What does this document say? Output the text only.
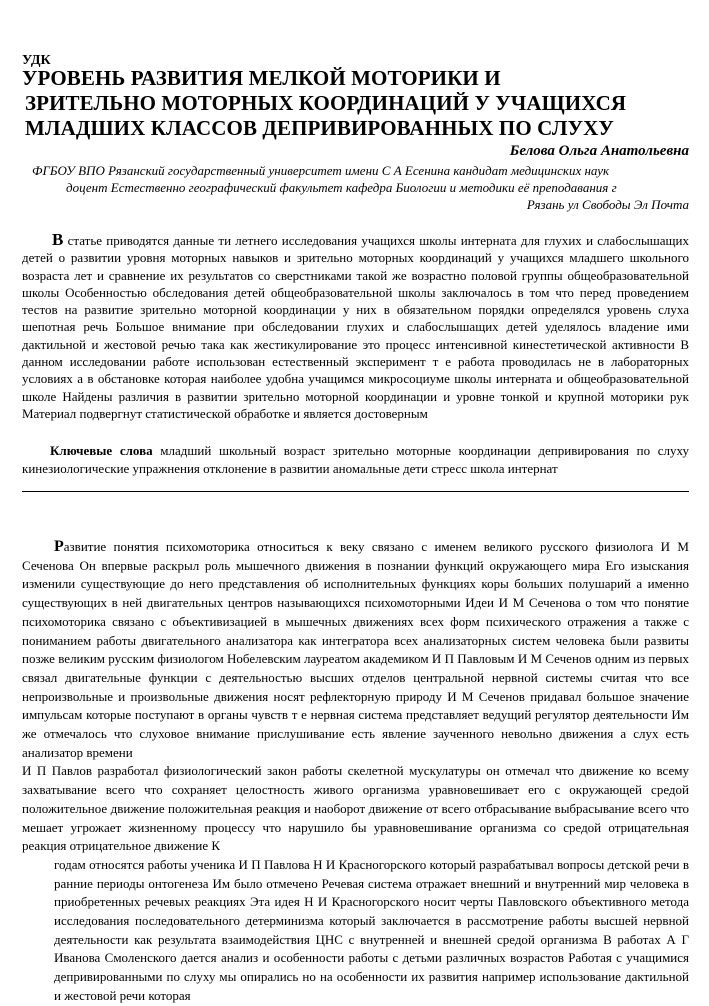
УДК
УРОВЕНЬ РАЗВИТИЯ МЕЛКОЙ МОТОРИКИ И
ЗРИТЕЛЬНО МОТОРНЫХ КООРДИНАЦИЙ У УЧАЩИХСЯ
МЛАДШИХ КЛАССОВ ДЕПРИВИРОВАННЫХ ПО СЛУХУ
Белова Ольга Анатольевна
ФГБОУ ВПО Рязанский государственный университет имени С А Есенина кандидат медицинских наук
доцент Естественно географический факультет кафедра Биологии и методики её преподавания г
Рязань ул Свободы Эл Почта

В статье приводятся данные ти летнего исследования учащихся школы интерната для глухих и слабослышащих детей о развитии уровня моторных навыков и зрительно моторных координаций у учащихся младшего школьного возраста лет и сравнение их результатов со сверстниками такой же возрастно половой группы общеобразовательной школы Особенностью обследования детей общеобразовательной школы заключалось в том что перед проведением тестов на развитие зрительно моторной координации у них в обязательном порядки определялся уровень слуха шепотная речь Большое внимание при обследовании глухих и слабослышащих детей уделялось владение ими дактильной и жестовой речью така как жестикулирование это процесс интенсивной кинестетической активности В данном исследовании работе использован естественный эксперимент т е работа проводилась не в лабораторных условиях а в обстановке которая наиболее удобна учащимся микросоциуме школы интерната и общеобразовательной школе Найдены различия в развитии зрительно моторной координации и уровне тонкой и крупной моторики рук Материал подвергнут статистической обработке и является достоверным

Ключевые слова младший школьный возраст зрительно моторные координации депривирования по слуху кинезиологические упражнения отклонение в развитии аномальные дети стресс школа интернат

Развитие понятия психомоторика относиться к веку связано с именем великого русского физиолога И М Сеченова Он впервые раскрыл роль мышечного движения в познании функций окружающего мира Его изыскания изменили существующие до него представления об исполнительных функциях коры больших полушарий а именно существующих в ней двигательных центров называющихся психомоторными Идеи И М Сеченова о том что понятие психомоторика связано с объективизацией в мышечных движениях всех форм психического отражения а также с пониманием работы двигательного анализатора как интегратора всех анализаторных систем человека были развиты позже великим русским физиологом Нобелевским лауреатом академиком И П Павловым И М Сеченов одним из первых связал двигательные функции с деятельностью высших отделов центральной нервной системы считая что все непроизвольные и произвольные движения носят рефлекторную природу И М Сеченов придавал большое значение импульсам которые поступают в органы чувств т е нервная система представляет ведущий регулятор деятельности Им же отмечалось что слуховое внимание прислушивание есть явление заученного невольно движения а слух есть анализатор времени

И П Павлов разработал физиологический закон работы скелетной мускулатуры он отмечал что движение ко всему захватывание всего что сохраняет целостность живого организма уравновешивает его с окружающей средой положительное движение положительная реакция и наоборот движение от всего отбрасывание выбрасывание всего что мешает угрожает жизненному процессу что нарушило бы уравновешивание организма со средой отрицательная реакция отрицательное движение К

годам относятся работы ученика И П Павлова Н И Красногорского который разрабатывал вопросы детской речи в ранние периоды онтогенеза Им было отмечено Речевая система отражает внешний и внутренний мир человека в приобретенных речевых реакциях Эта идея Н И Красногорского носит черты Павловского объективного метода исследования последовательного детерминизма который заключается в рассмотрение работы высшей нервной деятельности как результата взаимодействия ЦНС с внутренней и внешней средой организма В работах А Г Иванова Смоленского дается анализ и особенности работы с детьми различных возрастов Работая с учащимися депривированными по слуху мы опирались но на особенности их развития например использование дактильной и жестовой речи которая
